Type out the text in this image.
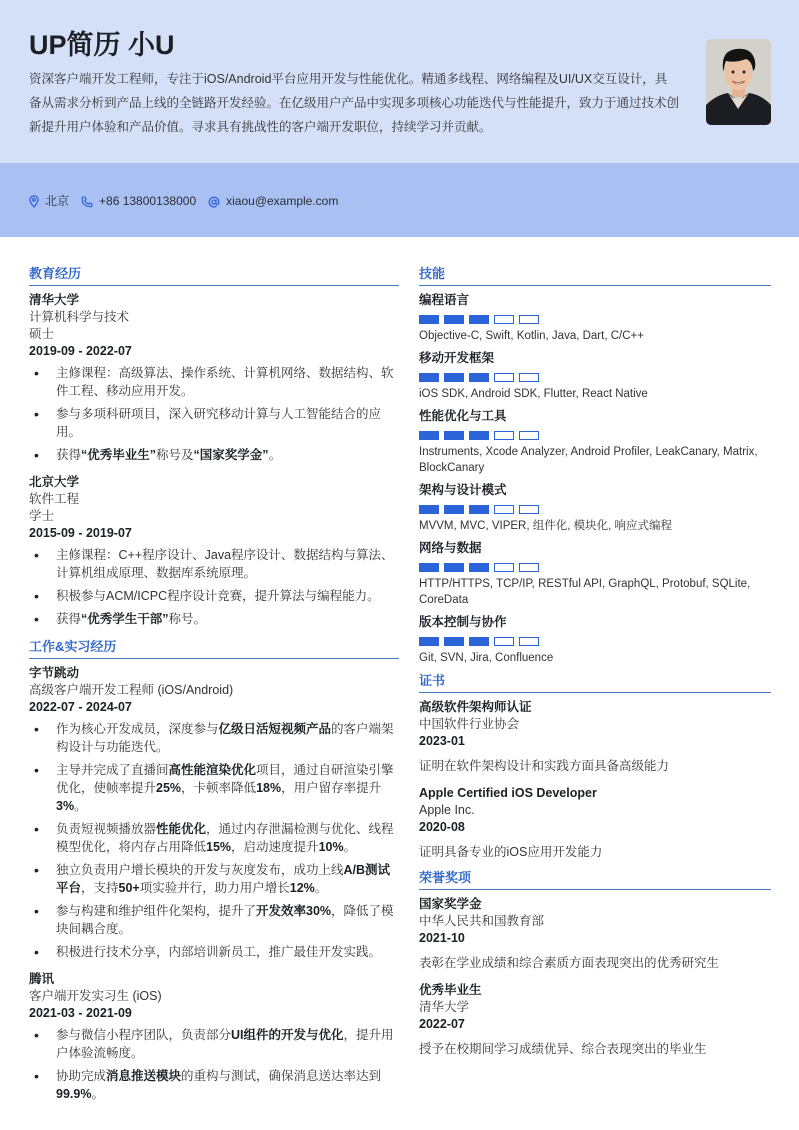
UP简历 小U
资深客户端开发工程师，专注于iOS/Android平台应用开发与性能优化。精通多线程、网络编程及UI/UX交互设计，具备从需求分析到产品上线的全链路开发经验。在亿级用户产品中实现多项核心功能迭代与性能提升，致力于通过技术创新提升用户体验和产品价值。寻求具有挑战性的客户端开发职位，持续学习并贡献。
北京	+86 13800138000	xiaou@example.com
教育经历
清华大学
计算机科学与技术
硕士
2019-09 - 2022-07
• 主修课程：高级算法、操作系统、计算机网络、数据结构、软件工程、移动应用开发。
• 参与多项科研项目，深入研究移动计算与人工智能结合的应用。
• 获得“优秀毕业生”称号及“国家奖学金”。
北京大学
软件工程
学士
2015-09 - 2019-07
• 主修课程：C++程序设计、Java程序设计、数据结构与算法、计算机组成原理、数据库系统原理。
• 积极参与ACM/ICPC程序设计竞赛，提升算法与编程能力。
• 获得“优秀学生干部”称号。
工作&实习经历
字节跳动
高级客户端开发工程师 (iOS/Android)
2022-07 - 2024-07
• 作为核心开发成员，深度参与亿级日活短视频产品的客户端架构设计与功能迭代。
• 主导并完成了直播间高性能渲染优化项目，通过自研渲染引擎优化，使帧率提升25%，卡顿率降低18%，用户留存率提升3%。
• 负责短视频播放器性能优化，通过内存泄漏检测与优化、线程模型优化，将内存占用降低15%，启动速度提升10%。
• 独立负责用户增长模块的开发与灰度发布，成功上线A/B测试平台，支持50+项实验并行，助力用户增长12%。
• 参与构建和维护组件化架构，提升了开发效率30%，降低了模块间耦合度。
• 积极进行技术分享，内部培训新员工，推广最佳开发实践。
腾讯
客户端开发实习生 (iOS)
2021-03 - 2021-09
• 参与微信小程序团队，负责部分UI组件的开发与优化，提升用户体验流畅度。
• 协助完成消息推送模块的重构与测试，确保消息送达率达到99.9%。
技能
编程语言
Objective-C, Swift, Kotlin, Java, Dart, C/C++
移动开发框架
iOS SDK, Android SDK, Flutter, React Native
性能优化与工具
Instruments, Xcode Analyzer, Android Profiler, LeakCanary, Matrix, BlockCanary
架构与设计模式
MVVM, MVC, VIPER, 组件化, 模块化, 响应式编程
网络与数据
HTTP/HTTPS, TCP/IP, RESTful API, GraphQL, Protobuf, SQLite, CoreData
版本控制与协作
Git, SVN, Jira, Confluence
证书
高级软件架构师认证
中国软件行业协会
2023-01
证明在软件架构设计和实践方面具备高级能力
Apple Certified iOS Developer
Apple Inc.
2020-08
证明具备专业的iOS应用开发能力
荣誉奖项
国家奖学金
中华人民共和国教育部
2021-10
表彰在学业成绩和综合素质方面表现突出的优秀研究生
优秀毕业生
清华大学
2022-07
授予在校期间学习成绩优异、综合表现突出的毕业生
